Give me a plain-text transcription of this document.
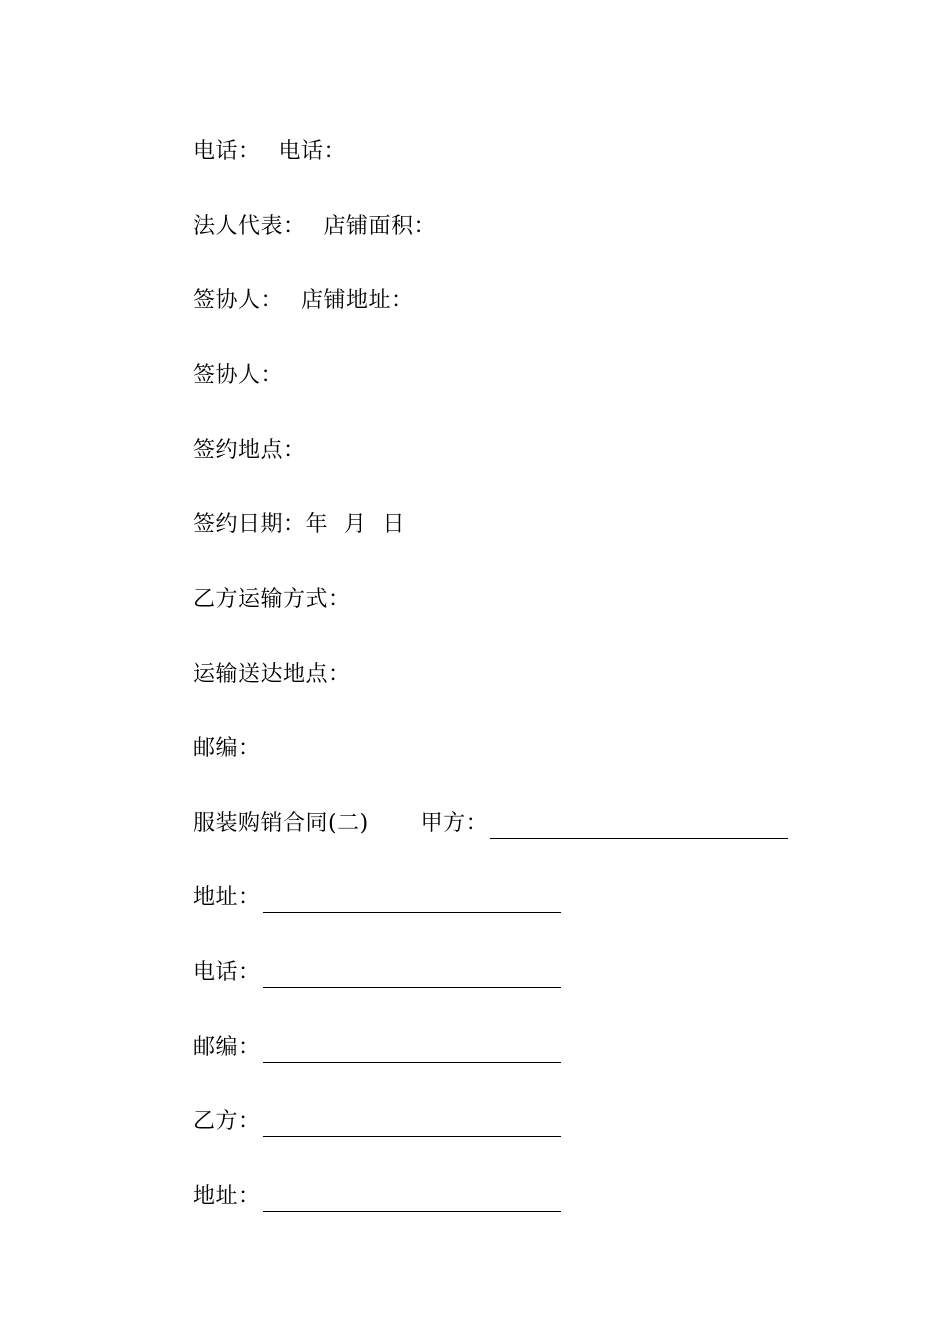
电话： 电话：
法人代表： 店铺面积：
签协人： 店铺地址：
签协人：
签约地点：
签约日期：年 月 日
乙方运输方式：
运输送达地点：
邮编：
服装购销合同(二) 甲方：
地址：
电话：
邮编：
乙方：
地址：
